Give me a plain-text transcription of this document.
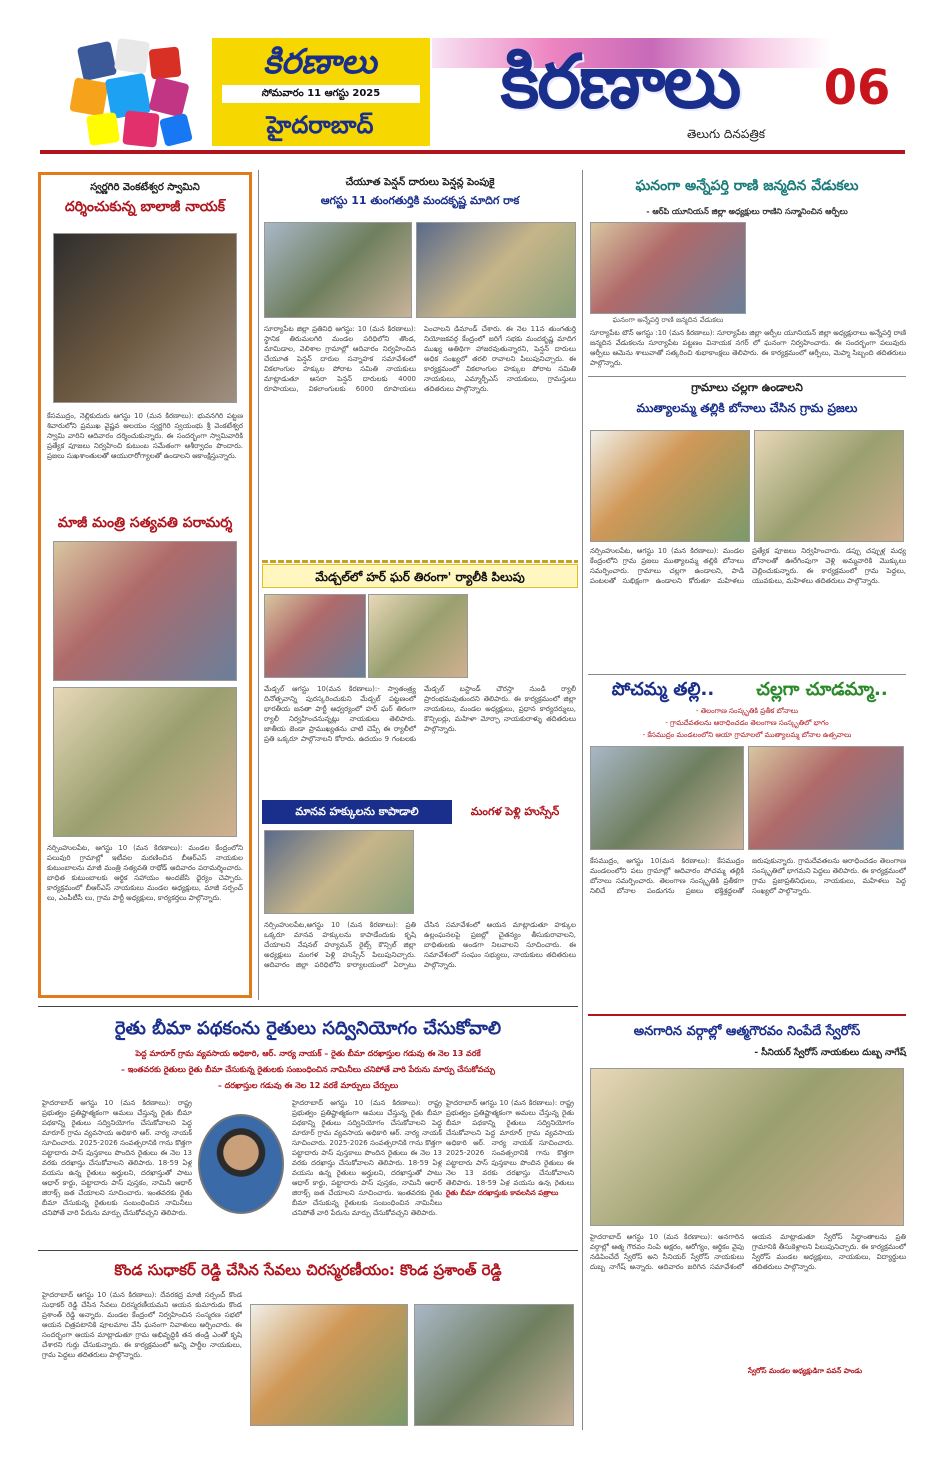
కిరణాలు
సోమవారం 11 ఆగస్టు 2025
హైదరాబాద్	కిరణాలు
తెలుగు దినపత్రిక
06
స్వర్ణగిరి వెంకటేశ్వర స్వామిని
దర్శించుకున్న బాలాజీ నాయక్
కేసముద్రం, నెల్లికుదురు ఆగస్టు 10 (మన కిరణాలు): భువనగిరి పట్టణ శివారులోని ప్రముఖ వైష్ణవ ఆలయం స్వర్ణగిరి స్వయంభు శ్రీ వెంకటేశ్వర స్వామి వారిని ఆదివారం దర్శించుకున్నారు. ఈ సందర్భంగా స్వామివారికి ప్రత్యేక పూజలు నిర్వహించి కుటుంబ సమేతంగా ఆశీర్వాదం పొందారు. ప్రజలు సుఖశాంతులతో ఆయురారోగ్యాలతో ఉండాలని ఆకాంక్షిస్తున్నారు.
మాజీ మంత్రి సత్యవతి పరామర్శ
నర్సింహులపేట, ఆగస్టు 10 (మన కిరణాలు): మండల కేంద్రంలోని పలువురి గ్రామాల్లో ఇటీవల మరణించిన బీఆర్ఎస్ నాయకుల కుటుంబాలను మాజీ మంత్రి సత్యవతి రాథోడ్ ఆదివారం పరామర్శించారు. బాధిత కుటుంబాలకు ఆర్థిక సహాయం అందజేసి ధైర్యం చెప్పారు. కార్యక్రమంలో బీఆర్ఎస్ నాయకులు మండల అధ్యక్షులు, మాజీ సర్పంచ్ లు, ఎంపీటీసీ లు, గ్రామ పార్టీ అధ్యక్షులు, కార్యకర్తలు పాల్గొన్నారు.
చేయూత పెన్షన్ దారులు పెన్షన్ల పెంపుకై
ఆగస్టు 11 తుంగతుర్తికి మందకృష్ణ మాదిగ రాక
సూర్యాపేట జిల్లా ప్రతినిధి ఆగస్టు: 10 (మన కిరణాలు): స్థానిక తిరుమలగిరి మండల పరిధిలోని తొండ, మామిడాల, వెలిశాల గ్రామాల్లో ఆదివారం నిర్వహించిన చేయూత పెన్షన్ దారుల సన్నాహక సమావేశంలో వికలాంగుల హక్కుల పోరాట సమితి నాయకులు మాట్లాడుతూ ఆసరా పెన్షన్ దారులకు 4000 రూపాయలు, వికలాంగులకు 6000 రూపాయలు పెంచాలని డిమాండ్ చేశారు. ఈ నెల 11న తుంగతుర్తి నియోజకవర్గ కేంద్రంలో జరిగే సభకు మందకృష్ణ మాదిగ ముఖ్య అతిథిగా హాజరవుతున్నారని, పెన్షన్ దారులు అధిక సంఖ్యలో తరలి రావాలని పిలుపునిచ్చారు. ఈ కార్యక్రమంలో వికలాంగుల హక్కుల పోరాట సమితి నాయకులు, ఎమ్మార్పీఎస్ నాయకులు, గ్రామస్తులు తదితరులు పాల్గొన్నారు.
మేడ్చల్‌లో హర్ ఘర్ తిరంగా' ర్యాలీకి పిలుపు
మేడ్చల్ ఆగస్టు 10(మన కిరణాలు):- స్వాతంత్ర్య దినోత్సవాన్ని పురస్కరించుకుని మేడ్చల్ పట్టణంలో భారతీయ జనతా పార్టీ ఆధ్వర్యంలో హర్ ఘర్ తిరంగా ర్యాలీ నిర్వహించనున్నట్లు నాయకులు తెలిపారు. జాతీయ జెండా ప్రాముఖ్యతను చాటి చెప్పే ఈ ర్యాలీలో ప్రతి ఒక్కరూ పాల్గొనాలని కోరారు. ఉదయం 9 గంటలకు మేడ్చల్ బస్టాండ్ చౌరస్తా నుండి ర్యాలీ ప్రారంభమవుతుందని తెలిపారు. ఈ కార్యక్రమంలో జిల్లా నాయకులు, మండల అధ్యక్షులు, ప్రధాన కార్యదర్శులు, కౌన్సిలర్లు, మహిళా మోర్చా నాయకురాళ్ళు తదితరులు పాల్గొన్నారు.
మానవ హక్కులను కాపాడాలి	మంగళ పెళ్లి హుస్సేన్
నర్సింహులపేట,ఆగస్టు 10 (మన కిరణాలు): ప్రతి ఒక్కరూ మానవ హక్కులను కాపాడేందుకు కృషి చేయాలని నేషనల్ హ్యూమన్ రైట్స్ కౌన్సిల్ జిల్లా అధ్యక్షులు మంగళ పెళ్లి హుస్సేన్ పిలుపునిచ్చారు. ఆదివారం జిల్లా పరిధిలోని కార్యాలయంలో ఏర్పాటు చేసిన సమావేశంలో ఆయన మాట్లాడుతూ హక్కుల ఉల్లంఘనలపై ప్రజల్లో చైతన్యం తీసుకురావాలని, బాధితులకు అండగా నిలవాలని సూచించారు. ఈ సమావేశంలో సంఘం సభ్యులు, నాయకులు తదితరులు పాల్గొన్నారు.
ఘనంగా అన్నేపర్తి రాణి జన్మదిన వేడుకలు
- ఆర్‌పి యూనియన్ జిల్లా అధ్యక్షులు రాణిని సన్మానించిన ఆర్పీలు
ఘనంగా అన్నేపర్తి రాణి జన్మదిన వేడుకలు
సూర్యాపేట టౌన్ ఆగస్టు :10 (మన కిరణాలు): సూర్యాపేట జిల్లా ఆర్పీల యూనియన్ జిల్లా అధ్యక్షురాలు అన్నేపర్తి రాణి జన్మదిన వేడుకలను సూర్యాపేట పట్టణం వినాయక నగర్ లో ఘనంగా నిర్వహించారు. ఈ సందర్భంగా పలువురు ఆర్పీలు ఆమెను శాలువాతో సత్కరించి శుభాకాంక్షలు తెలిపారు. ఈ కార్యక్రమంలో ఆర్పీలు, మెప్మా సిబ్బంది తదితరులు పాల్గొన్నారు.
గ్రామాలు చల్లగా ఉండాలని
ముత్యాలమ్మ తల్లికి బోనాలు చేసిన గ్రామ ప్రజలు
నర్సింహులపేట, ఆగస్టు 10 (మన కిరణాలు): మండల కేంద్రంలోని గ్రామ ప్రజలు ముత్యాలమ్మ తల్లికి బోనాలు సమర్పించారు. గ్రామాలు చల్లగా ఉండాలని, పాడి పంటలతో సుభిక్షంగా ఉండాలని కోరుతూ మహిళలు ప్రత్యేక పూజలు నిర్వహించారు. డప్పు చప్పుళ్ల మధ్య బోనాలతో ఊరేగింపుగా వెళ్లి అమ్మవారికి మొక్కులు చెల్లించుకున్నారు. ఈ కార్యక్రమంలో గ్రామ పెద్దలు, యువకులు, మహిళలు తదితరులు పాల్గొన్నారు.
పోచమ్మ తల్లి..	చల్లగా చూడమ్మా..
- తెలంగాణ సంస్కృతికి ప్రతీక బోనాలు
- గ్రామదేవతలను ఆరాధించడం తెలంగాణ సంస్కృతిలో భాగం
- కేసముద్రం మండలంలోని ఆయా గ్రామాలలో ముత్యాలమ్మ బోనాల ఉత్సవాలు
కేసముద్రం, ఆగస్టు 10(మన కిరణాలు): కేసముద్రం మండలంలోని పలు గ్రామాల్లో ఆదివారం పోచమ్మ తల్లికి బోనాలు సమర్పించారు. తెలంగాణ సంస్కృతికి ప్రతీకగా నిలిచే బోనాల పండుగను ప్రజలు భక్తిశ్రద్ధలతో జరుపుకున్నారు. గ్రామదేవతలను ఆరాధించడం తెలంగాణ సంస్కృతిలో భాగమని పెద్దలు తెలిపారు. ఈ కార్యక్రమంలో గ్రామ ప్రజాప్రతినిధులు, నాయకులు, మహిళలు పెద్ద సంఖ్యలో పాల్గొన్నారు.
అనగారిన వర్గాల్లో ఆత్మగౌరవం నింపేదే స్వేరోస్
- సీనియర్ స్వేరోస్ నాయకులు దుబ్బ నాగేష్
హైదరాబాద్ ఆగస్టు 10 (మన కిరణాలు): అనగారిన వర్గాల్లో ఆత్మ గౌరవం నింపి అక్షరం, ఆరోగ్యం, ఆర్థికం వైపు నడిపించేదే స్వేరోస్ అని సీనియర్ స్వేరోస్ నాయకులు దుబ్బ నాగేష్ అన్నారు. ఆదివారం జరిగిన సమావేశంలో ఆయన మాట్లాడుతూ స్వేరోస్ సిద్ధాంతాలను ప్రతి గ్రామానికి తీసుకెళ్లాలని పిలుపునిచ్చారు. ఈ కార్యక్రమంలో స్వేరోస్ మండల అధ్యక్షులు, నాయకులు, విద్యార్థులు తదితరులు పాల్గొన్నారు.
స్వేరోస్ మండల అధ్యక్షుడిగా పవన్ పాండు
రైతు బీమా పథకంను రైతులు సద్వినియోగం చేసుకోవాలి
పెద్ద మారూర్ గ్రామ వ్యవసాయ అధికారి, ఆర్. నార్య నాయక్ – రైతు బీమా దరఖాస్తుల గడువు ఈ నెల 13 వరకే
– ఇంతవరకు రైతులు రైతు బీమా చేసుకున్న రైతులకు సంబంధించిన నామినీలు చనిపోతే వారి పేరును మార్పు చేసుకోవచ్చు
– దరఖాస్తుల గడువు ఈ నెల 12 వరకే మార్పులు చేర్పులు
హైదరాబాద్ ఆగస్టు 10 (మన కిరణాలు): రాష్ట్ర ప్రభుత్వం ప్రతిష్టాత్మకంగా అమలు చేస్తున్న రైతు బీమా పథకాన్ని రైతులు సద్వినియోగం చేసుకోవాలని పెద్ద మారూర్ గ్రామ వ్యవసాయ అధికారి ఆర్. నార్య నాయక్ సూచించారు. 2025-2026 సంవత్సరానికి గాను కొత్తగా పట్టాదారు పాస్ పుస్తకాలు పొందిన రైతులు ఈ నెల 13 వరకు దరఖాస్తు చేసుకోవాలని తెలిపారు. 18-59 ఏళ్ల వయసు ఉన్న రైతులు అర్హులని, దరఖాస్తుతో పాటు ఆధార్ కార్డు, పట్టాదారు పాస్ పుస్తకం, నామినీ ఆధార్ జిరాక్స్ జత చేయాలని సూచించారు. ఇంతవరకు రైతు బీమా చేసుకున్న రైతులకు సంబంధించిన నామినీలు చనిపోతే వారి పేరును మార్పు చేసుకోవచ్చని తెలిపారు.
హైదరాబాద్ ఆగస్టు 10 (మన కిరణాలు): రాష్ట్ర ప్రభుత్వం ప్రతిష్టాత్మకంగా అమలు చేస్తున్న రైతు బీమా పథకాన్ని రైతులు సద్వినియోగం చేసుకోవాలని పెద్ద మారూర్ గ్రామ వ్యవసాయ అధికారి ఆర్. నార్య నాయక్ సూచించారు. 2025-2026 సంవత్సరానికి గాను కొత్తగా పట్టాదారు పాస్ పుస్తకాలు పొందిన రైతులు ఈ నెల 13 వరకు దరఖాస్తు చేసుకోవాలని తెలిపారు. 18-59 ఏళ్ల వయసు ఉన్న రైతులు అర్హులని, దరఖాస్తుతో పాటు ఆధార్ కార్డు, పట్టాదారు పాస్ పుస్తకం, నామినీ ఆధార్ జిరాక్స్ జత చేయాలని సూచించారు. ఇంతవరకు రైతు బీమా చేసుకున్న రైతులకు సంబంధించిన నామినీలు చనిపోతే వారి పేరును మార్పు చేసుకోవచ్చని తెలిపారు.
రైతు బీమా దరఖాస్తుకు కావలసిన పత్రాలు
హైదరాబాద్ ఆగస్టు 10 (మన కిరణాలు): రాష్ట్ర ప్రభుత్వం ప్రతిష్టాత్మకంగా అమలు చేస్తున్న రైతు బీమా పథకాన్ని రైతులు సద్వినియోగం చేసుకోవాలని పెద్ద మారూర్ గ్రామ వ్యవసాయ అధికారి ఆర్. నార్య నాయక్ సూచించారు. 2025-2026 సంవత్సరానికి గాను కొత్తగా పట్టాదారు పాస్ పుస్తకాలు పొందిన రైతులు ఈ నెల 13 వరకు దరఖాస్తు చేసుకోవాలని తెలిపారు. 18-59 ఏళ్ల వయసు ఉన్న రైతులు
కొండ సుధాకర్ రెడ్డి చేసిన సేవలు చిరస్మరణీయం: కొండ ప్రశాంత్ రెడ్డి
హైదరాబాద్ ఆగస్టు 10 (మన కిరణాలు): దేవరకద్ర మాజీ సర్పంచ్ కొండ సుధాకర్ రెడ్డి చేసిన సేవలు చిరస్మరణీయమని ఆయన కుమారుడు కొండ ప్రశాంత్ రెడ్డి అన్నారు. మండల కేంద్రంలో నిర్వహించిన సంస్మరణ సభలో ఆయన చిత్రపటానికి పూలమాల వేసి ఘనంగా నివాళులు అర్పించారు. ఈ సందర్భంగా ఆయన మాట్లాడుతూ గ్రామ అభివృద్ధికి తన తండ్రి ఎంతో కృషి చేశారని గుర్తు చేసుకున్నారు. ఈ కార్యక్రమంలో అన్ని పార్టీల నాయకులు, గ్రామ పెద్దలు తదితరులు పాల్గొన్నారు.
